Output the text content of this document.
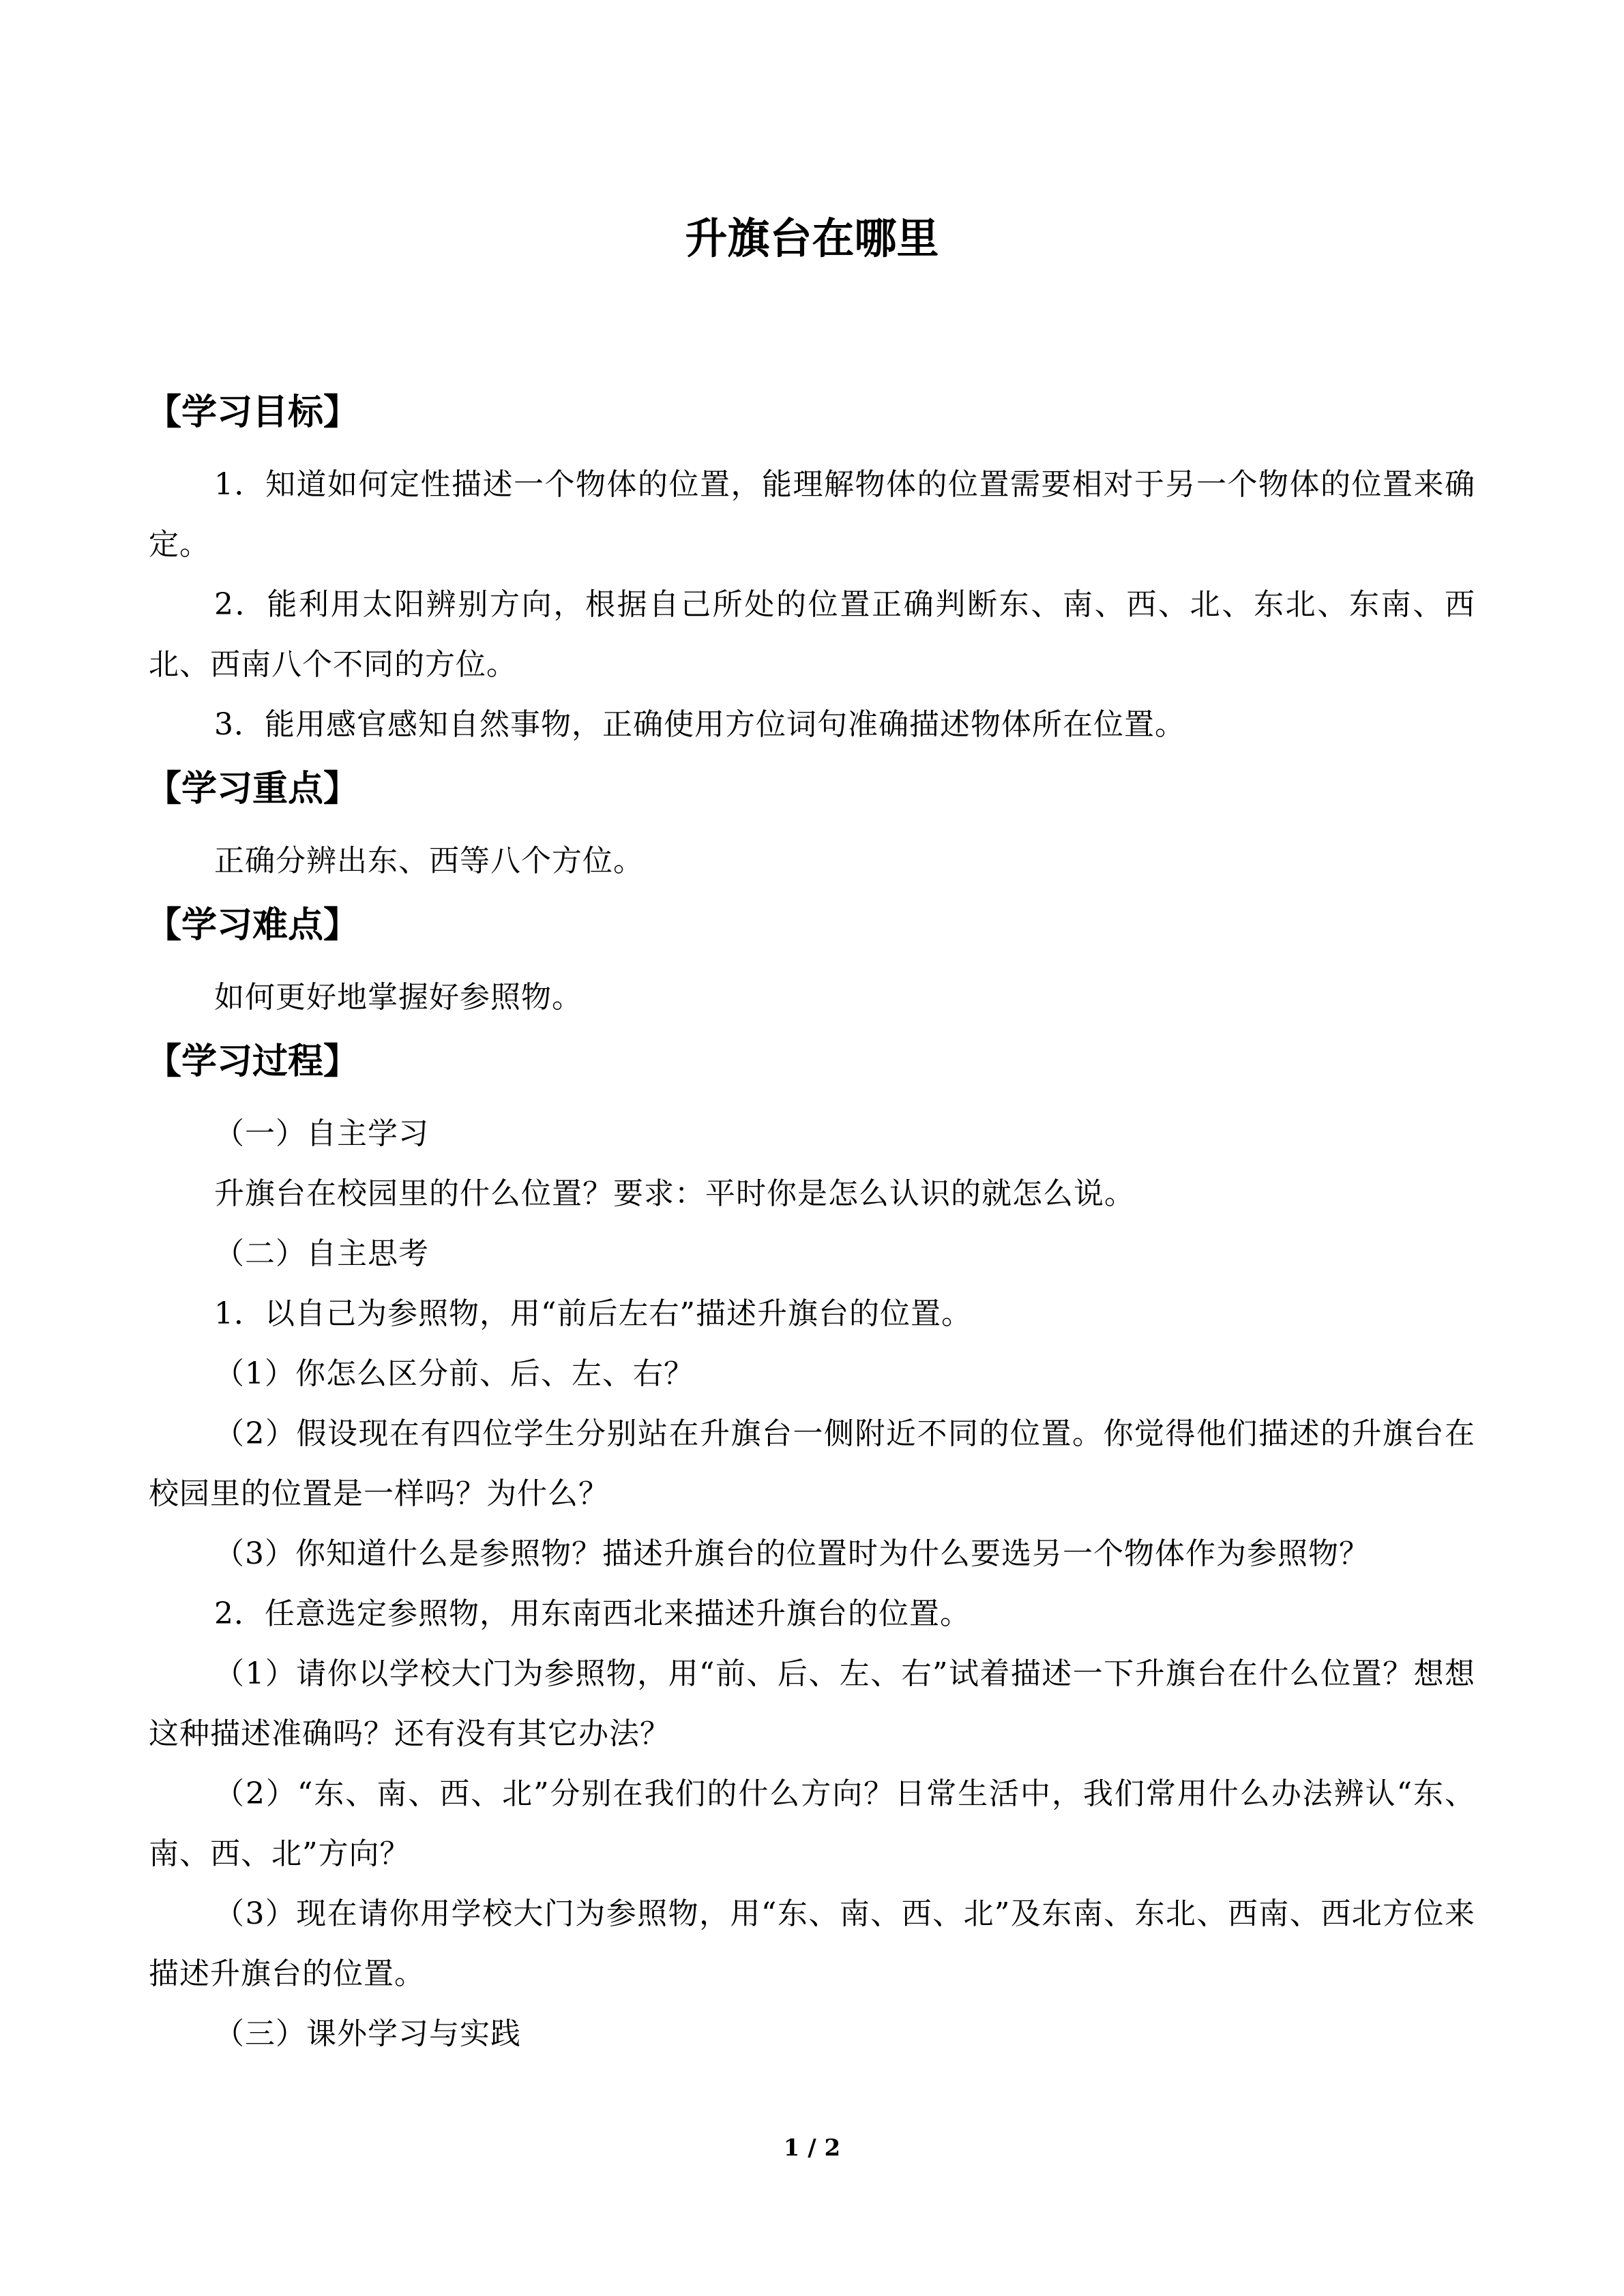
升旗台在哪里
【学习目标】
1．知道如何定性描述一个物体的位置，能理解物体的位置需要相对于另一个物体的位置来确定。
2．能利用太阳辨别方向，根据自己所处的位置正确判断东、南、西、北、东北、东南、西北、西南八个不同的方位。
3．能用感官感知自然事物，正确使用方位词句准确描述物体所在位置。
【学习重点】
正确分辨出东、西等八个方位。
【学习难点】
如何更好地掌握好参照物。
【学习过程】
（一）自主学习
升旗台在校园里的什么位置？要求：平时你是怎么认识的就怎么说。
（二）自主思考
1．以自己为参照物，用“前后左右”描述升旗台的位置。
（1）你怎么区分前、后、左、右？
（2）假设现在有四位学生分别站在升旗台一侧附近不同的位置。你觉得他们描述的升旗台在校园里的位置是一样吗？为什么？
（3）你知道什么是参照物？描述升旗台的位置时为什么要选另一个物体作为参照物？
2．任意选定参照物，用东南西北来描述升旗台的位置。
（1）请你以学校大门为参照物，用“前、后、左、右”试着描述一下升旗台在什么位置？想想这种描述准确吗？还有没有其它办法？
（2）“东、南、西、北”分别在我们的什么方向？日常生活中，我们常用什么办法辨认“东、南、西、北”方向？
（3）现在请你用学校大门为参照物，用“东、南、西、北”及东南、东北、西南、西北方位来描述升旗台的位置。
（三）课外学习与实践
1 / 2
